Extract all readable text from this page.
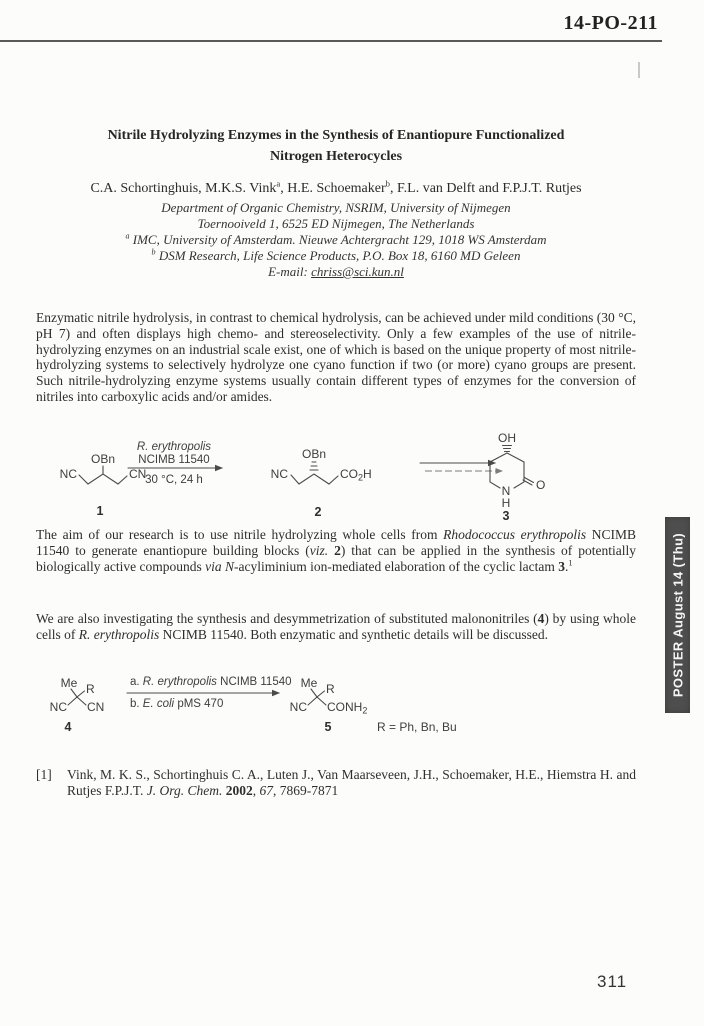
14-PO-211
Nitrile Hydrolyzing Enzymes in the Synthesis of Enantiopure Functionalized
Nitrogen Heterocycles
C.A. Schortinghuis, M.K.S. Vink$^a$, H.E. Schoemaker$^b$, F.L. van Delft and F.P.J.T. Rutjes
Department of Organic Chemistry, NSRIM, University of Nijmegen
Toernooiveld 1, 6525 ED Nijmegen, The Netherlands
$^a$ IMC, University of Amsterdam. Nieuwe Achtergracht 129, 1018 WS Amsterdam
$^b$ DSM Research, Life Science Products, P.O. Box 18, 6160 MD Geleen
E-mail: chriss@sci.kun.nl
Enzymatic nitrile hydrolysis, in contrast to chemical hydrolysis, can be achieved under mild conditions (30 °C, pH 7) and often displays high chemo- and stereoselectivity. Only a few examples of the use of nitrile-hydrolyzing enzymes on an industrial scale exist, one of which is based on the unique property of most nitrile-hydrolyzing systems to selectively hydrolyze one cyano function if two (or more) cyano groups are present. Such nitrile-hydrolyzing enzyme systems usually contain different types of enzymes for the conversion of nitriles into carboxylic acids and/or amides.
NC
OBn
CN
1
R. erythropolis
NCIMB 11540
30 °C, 24 h	NC
OBn
$CO_2H$
2
OH
O
N
H
3
The aim of our research is to use nitrile hydrolyzing whole cells from Rhodococcus erythropolis NCIMB 11540 to generate enantiopure building blocks (viz. 2) that can be applied in the synthesis of potentially biologically active compounds via N-acyliminium ion-mediated elaboration of the cyclic lactam 3.$^1$
We are also investigating the synthesis and desymmetrization of substituted malononitriles (4) by using whole cells of R. erythropolis NCIMB 11540. Both enzymatic and synthetic details will be discussed.
Me R
NC CN
4
a. R. erythropolis NCIMB 11540
b. E. coli pMS 470
Me R
NC $CONH_2$
5	R = Ph, Bn, Bu
[1] Vink, M. K. S., Schortinghuis C. A., Luten J., Van Maarseveen, J.H., Schoemaker, H.E., Hiemstra H. and Rutjes F.P.J.T. J. Org. Chem. 2002, 67, 7869-7871
POSTER August 14 (Thu)
311
